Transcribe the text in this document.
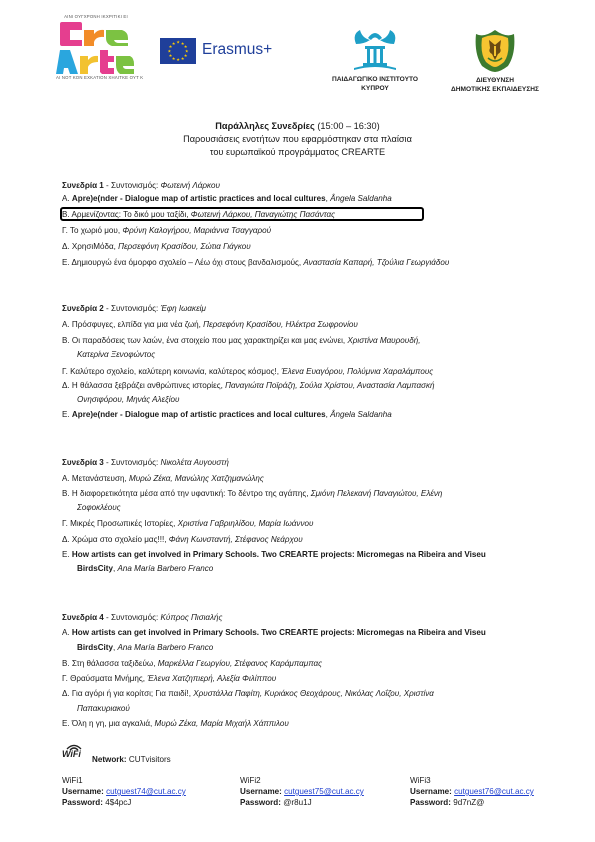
ΑΙΝΙ ΟΥΓΧΡΟΝΗ ΙΚΧΡΙΤΙΚΙ ΕΙ
ΑΙ ΝΟΤ ΚΟΝ ΕΧΚΑΤΙΟΝ ΧΗΛΙΤΚΕ ΟΥΤ Κ
★ ★
★
★
★
★
★
★
★
★
★
★ Erasmus+
ΠΑΙΔΑΓΩΓΙΚΟ ΙΝΣΤΙΤΟΥΤΟ
ΚΥΠΡΟΥ
ΔΙΕΥΘΥΝΣΗ
ΔΗΜΟΤΙΚΗΣ ΕΚΠΑΙΔΕΥΣΗΣ
Παράλληλες Συνεδρίες (15:00 – 16:30)
Παρουσιάσεις ενοτήτων που εφαρμόστηκαν στα πλαίσια
του ευρωπαϊκού προγράμματος CREARTE
Συνεδρία 1 - Συντονισμός: Φωτεινή Λάρκου
Α. Apre)e(nder - Dialogue map of artistic practices and local cultures, Ângela Saldanha
Β. Αρμενίζοντας: Το δικό μου ταξίδι, Φωτεινή Λάρκου, Παναγιώτης Πασάντας
Γ. Το χωριό μου, Φρύνη Καλογήρου, Μαριάννα Τσαγγαρού
Δ. ΧρησιΜόδα, Περσεφόνη Κρασίδου, Σώτια Γιάγκου
Ε. Δημιουργώ ένα όμορφο σχολείο – Λέω όχι στους βανδαλισμούς, Αναστασία Καπαρή, Τζούλια Γεωργιάδου
Συνεδρία 2 - Συντονισμός: Έφη Ιωακείμ
Α. Πρόσφυγες, ελπίδα για μια νέα ζωή, Περσεφόνη Κρασίδου, Ηλέκτρα Σωφρονίου
Β. Οι παραδόσεις των λαών, ένα στοιχείο που μας χαρακτηρίζει και μας ενώνει, Χριστίνα Μαυρουδή,
Κατερίνα Ξενοφώντος
Γ. Καλύτερο σχολείο, καλύτερη κοινωνία, καλύτερος κόσμος!, Έλενα Ευαγόρου, Πολύμνια Χαραλάμπους
Δ. Η θάλασσα ξεβράζει ανθρώπινες ιστορίες, Παναγιώτα Ποϊράζη, Σούλα Χρίστου, Αναστασία Λαμπασκή
Ονησιφόρου, Μηνάς Αλεξίου
Ε. Apre)e(nder - Dialogue map of artistic practices and local cultures, Ângela Saldanha
Συνεδρία 3 - Συντονισμός: Νικολέτα Αυγουστή
Α. Μετανάστευση, Μυρώ Ζέκα, Μανώλης Χατζημανώλης
Β. Η διαφορετικότητα μέσα από την υφαντική: Το δέντρο της αγάπης, Σμιόνη Πελεκανή Παναγιώτου, Ελένη
Σοφοκλέους
Γ. Μικρές Προσωπικές Ιστορίες, Χριστίνα Γαβριηλίδου, Μαρία Ιωάννου
Δ. Χρώμα στο σχολείο μας!!!, Φάνη Κωνσταντή, Στέφανος Νεάρχου
Ε. How artists can get involved in Primary Schools. Two CREARTE projects: Micromegas na Ribeira and Viseu
BirdsCity, Ana María Barbero Franco
Συνεδρία 4 - Συντονισμός: Κύπρος Πισιαλής
Α. How artists can get involved in Primary Schools. Two CREARTE projects: Micromegas na Ribeira and Viseu
BirdsCity, Ana María Barbero Franco
Β. Στη θάλασσα ταξιδεύω, Μαρκέλλα Γεωργίου, Στέφανος Καράμπαμπας
Γ. Θραύσματα Μνήμης, Έλενα Χατζηπιερή, Αλεξία Φιλίππου
Δ. Για αγόρι ή για κορίτσι; Για παιδί!, Χρυστάλλα Παφίτη, Κυριάκος Θεοχάρους, Νικόλας Λοΐζου, Χριστίνα
Παπακυριακού
Ε. Όλη η γη, μια αγκαλιά, Μυρώ Ζέκα, Μαρία Μιχαήλ Χάππιλου
WiFi
Network: CUTvisitors
WiFi1
Username: cutguest74@cut.ac.cy
Password: 4$4pcJ
WiFi2
Username: cutguest75@cut.ac.cy
Password: @r8u1J
WiFi3
Username: cutguest76@cut.ac.cy
Password: 9d7nZ@
